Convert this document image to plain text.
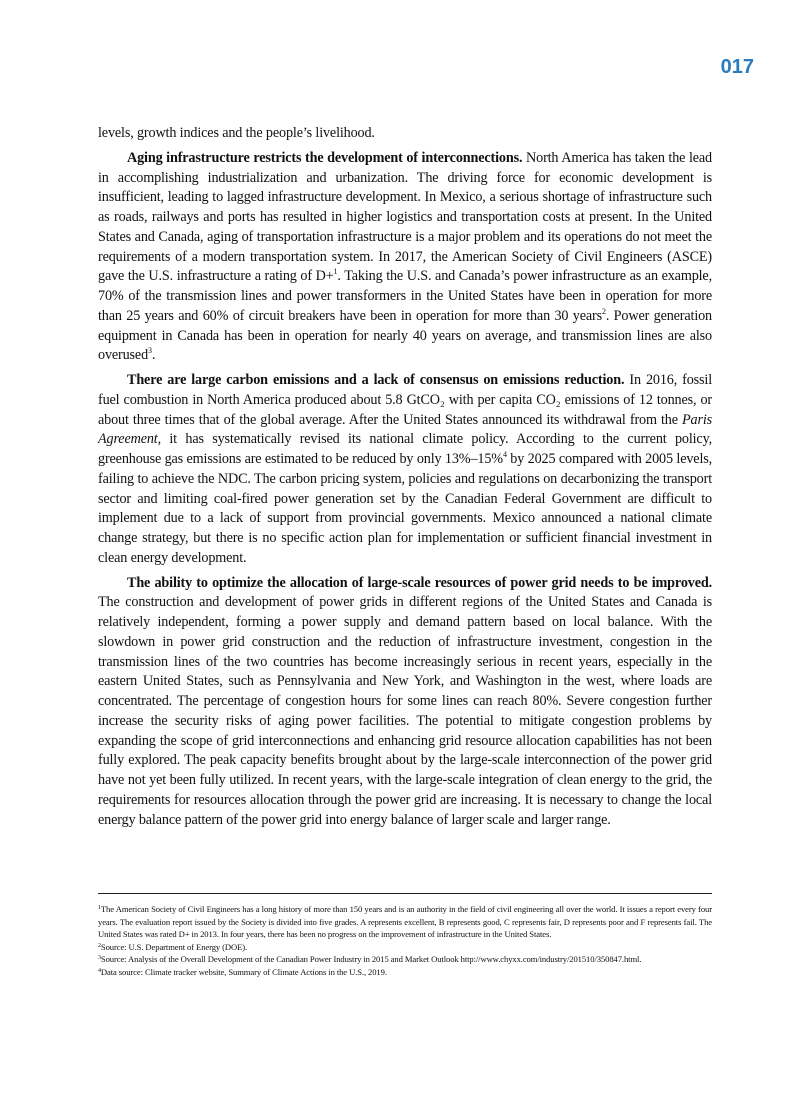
017

levels, growth indices and the people’s livelihood.

Aging infrastructure restricts the development of interconnections. North America has taken the lead in accomplishing industrialization and urbanization. The driving force for economic development is insufficient, leading to lagged infrastructure development. In Mexico, a serious shortage of infrastructure such as roads, railways and ports has resulted in higher logistics and transportation costs at present. In the United States and Canada, aging of transportation infrastructure is a major problem and its operations do not meet the requirements of a modern transportation system. In 2017, the American Society of Civil Engineers (ASCE) gave the U.S. infrastructure a rating of D+$^1$. Taking the U.S. and Canada’s power infrastructure as an example, 70% of the transmission lines and power transformers in the United States have been in operation for more than 25 years and 60% of circuit breakers have been in operation for more than 30 years$^2$. Power generation equipment in Canada has been in operation for nearly 40 years on average, and transmission lines are also overused$^3$.

There are large carbon emissions and a lack of consensus on emissions reduction. In 2016, fossil fuel combustion in North America produced about 5.8 GtCO₂ with per capita CO₂ emissions of 12 tonnes, or about three times that of the global average. After the United States announced its withdrawal from the Paris Agreement, it has systematically revised its national climate policy. According to the current policy, greenhouse gas emissions are estimated to be reduced by only 13%–15%$^4$ by 2025 compared with 2005 levels, failing to achieve the NDC. The carbon pricing system, policies and regulations on decarbonizing the transport sector and limiting coal-fired power generation set by the Canadian Federal Government are difficult to implement due to a lack of support from provincial governments. Mexico announced a national climate change strategy, but there is no specific action plan for implementation or sufficient financial investment in clean energy development.

The ability to optimize the allocation of large-scale resources of power grid needs to be improved. The construction and development of power grids in different regions of the United States and Canada is relatively independent, forming a power supply and demand pattern based on local balance. With the slowdown in power grid construction and the reduction of infrastructure investment, congestion in the transmission lines of the two countries has become increasingly serious in recent years, especially in the eastern United States, such as Pennsylvania and New York, and Washington in the west, where loads are concentrated. The percentage of congestion hours for some lines can reach 80%. Severe congestion further increase the security risks of aging power facilities. The potential to mitigate congestion problems by expanding the scope of grid interconnections and enhancing grid resource allocation capabilities has not been fully explored. The peak capacity benefits brought about by the large-scale interconnection of the power grid have not yet been fully utilized. In recent years, with the large-scale integration of clean energy to the grid, the requirements for resources allocation through the power grid are increasing. It is necessary to change the local energy balance pattern of the power grid into energy balance of larger scale and larger range.

$^1$The American Society of Civil Engineers has a long history of more than 150 years and is an authority in the field of civil engineering all over the world. It issues a report every four years. The evaluation report issued by the Society is divided into five grades. A represents excellent, B represents good, C represents fair, D represents poor and F represents fail. The United States was rated D+ in 2013. In four years, there has been no progress on the improvement of infrastructure in the United States.

$^2$Source: U.S. Department of Energy (DOE).

$^3$Source: Analysis of the Overall Development of the Canadian Power Industry in 2015 and Market Outlook http://www.chyxx.com/industry/201510/350847.html.

$^4$Data source: Climate tracker website, Summary of Climate Actions in the U.S., 2019.
